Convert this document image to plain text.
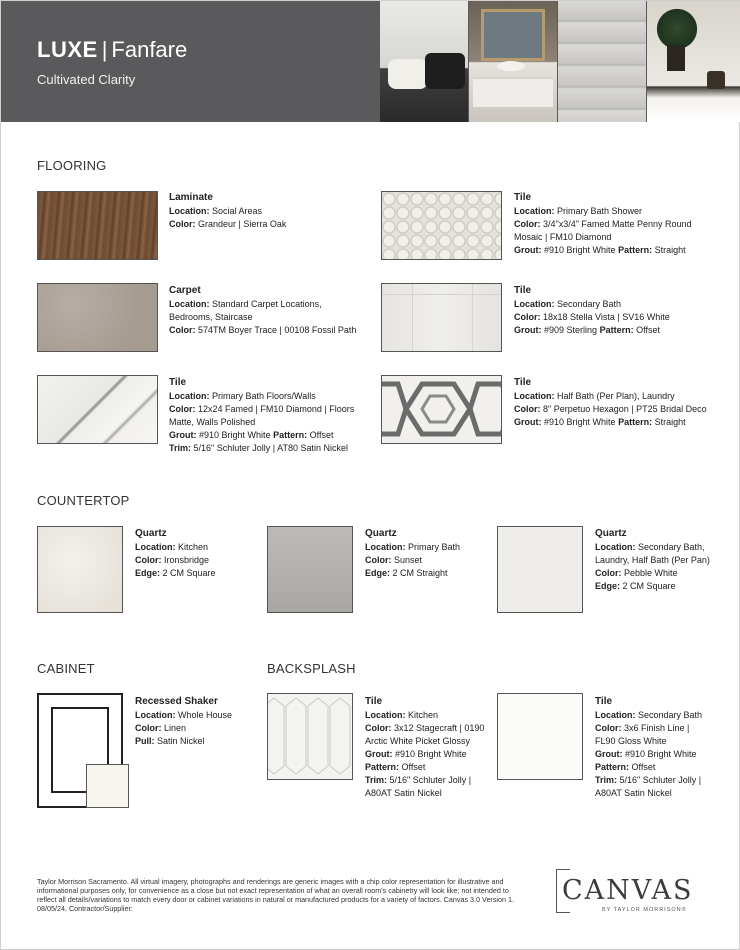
LUXE | Fanfare
Cultivated Clarity
FLOORING
Laminate
Location: Social Areas
Color: Grandeur | Sierra Oak
Tile
Location: Primary Bath Shower
Color: 3/4"x3/4" Famed Matte Penny Round Mosaic | FM10 Diamond
Grout: #910 Bright White Pattern: Straight
Carpet
Location: Standard Carpet Locations, Bedrooms, Staircase
Color: 574TM Boyer Trace | 00108 Fossil Path
Tile
Location: Secondary Bath
Color: 18x18 Stella Vista | SV16 White
Grout: #909 Sterling Pattern: Offset
Tile
Location: Primary Bath Floors/Walls
Color: 12x24 Famed | FM10 Diamond | Floors Matte, Walls Polished
Grout: #910 Bright White Pattern: Offset
Trim: 5/16" Schluter Jolly | AT80 Satin Nickel
Tile
Location: Half Bath (Per Plan), Laundry
Color: 8" Perpetuo Hexagon | PT25 Bridal Deco
Grout: #910 Bright White Pattern: Straight
COUNTERTOP
Quartz
Location: Kitchen
Color: Ironsbridge
Edge: 2 CM Square
Quartz
Location: Primary Bath
Color: Sunset
Edge: 2 CM Straight
Quartz
Location: Secondary Bath, Laundry, Half Bath (Per Pan)
Color: Pebble White
Edge: 2 CM Square
CABINET
Recessed Shaker
Location: Whole House
Color: Linen
Pull: Satin Nickel
BACKSPLASH
Tile
Location: Kitchen
Color: 3x12 Stagecraft | 0190 Arctic White Picket Glossy
Grout: #910 Bright White
Pattern: Offset
Trim: 5/16" Schluter Jolly | A80AT Satin Nickel
Tile
Location: Secondary Bath
Color: 3x6 Finish Line | FL90 Gloss White
Grout: #910 Bright White
Pattern: Offset
Trim: 5/16" Schluter Jolly | A80AT Satin Nickel
Taylor Morrison Sacramento. All virtual imagery, photographs and renderings are generic images with a chip color representation for illustrative and informational purposes only, for convenience as a close but not exact representation of what an overall room's cabinetry will look like; not intended to reflect all details/variations to match every door or cabinet variations in natural or manufactured products for a variety of factors. Canvas 3.0 Version 1. 08/05/24. Contractor/Supplier:
CANVAS
BY TAYLOR MORRISON®
